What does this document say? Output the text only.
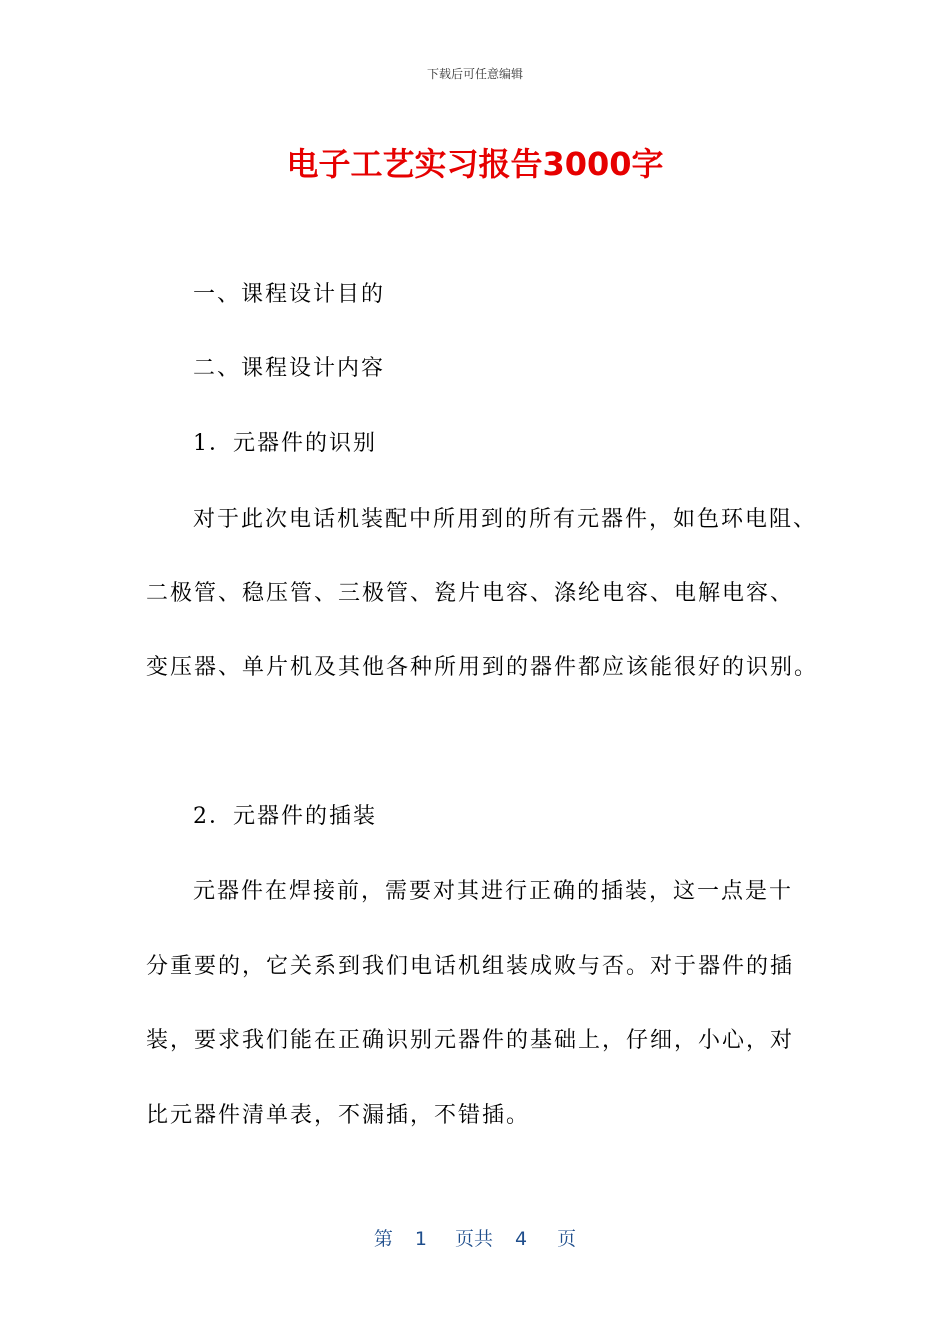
下载后可任意编辑
电子工艺实习报告3000字
一、课程设计目的
二、课程设计内容
1．元器件的识别
对于此次电话机装配中所用到的所有元器件，如色环电阻、
二极管、稳压管、三极管、瓷片电容、涤纶电容、电解电容、
变压器、单片机及其他各种所用到的器件都应该能很好的识别。
2．元器件的插装
元器件在焊接前，需要对其进行正确的插装，这一点是十
分重要的，它关系到我们电话机组装成败与否。对于器件的插
装，要求我们能在正确识别元器件的基础上，仔细，小心，对
比元器件清单表，不漏插，不错插。
第 1 页共 4 页
